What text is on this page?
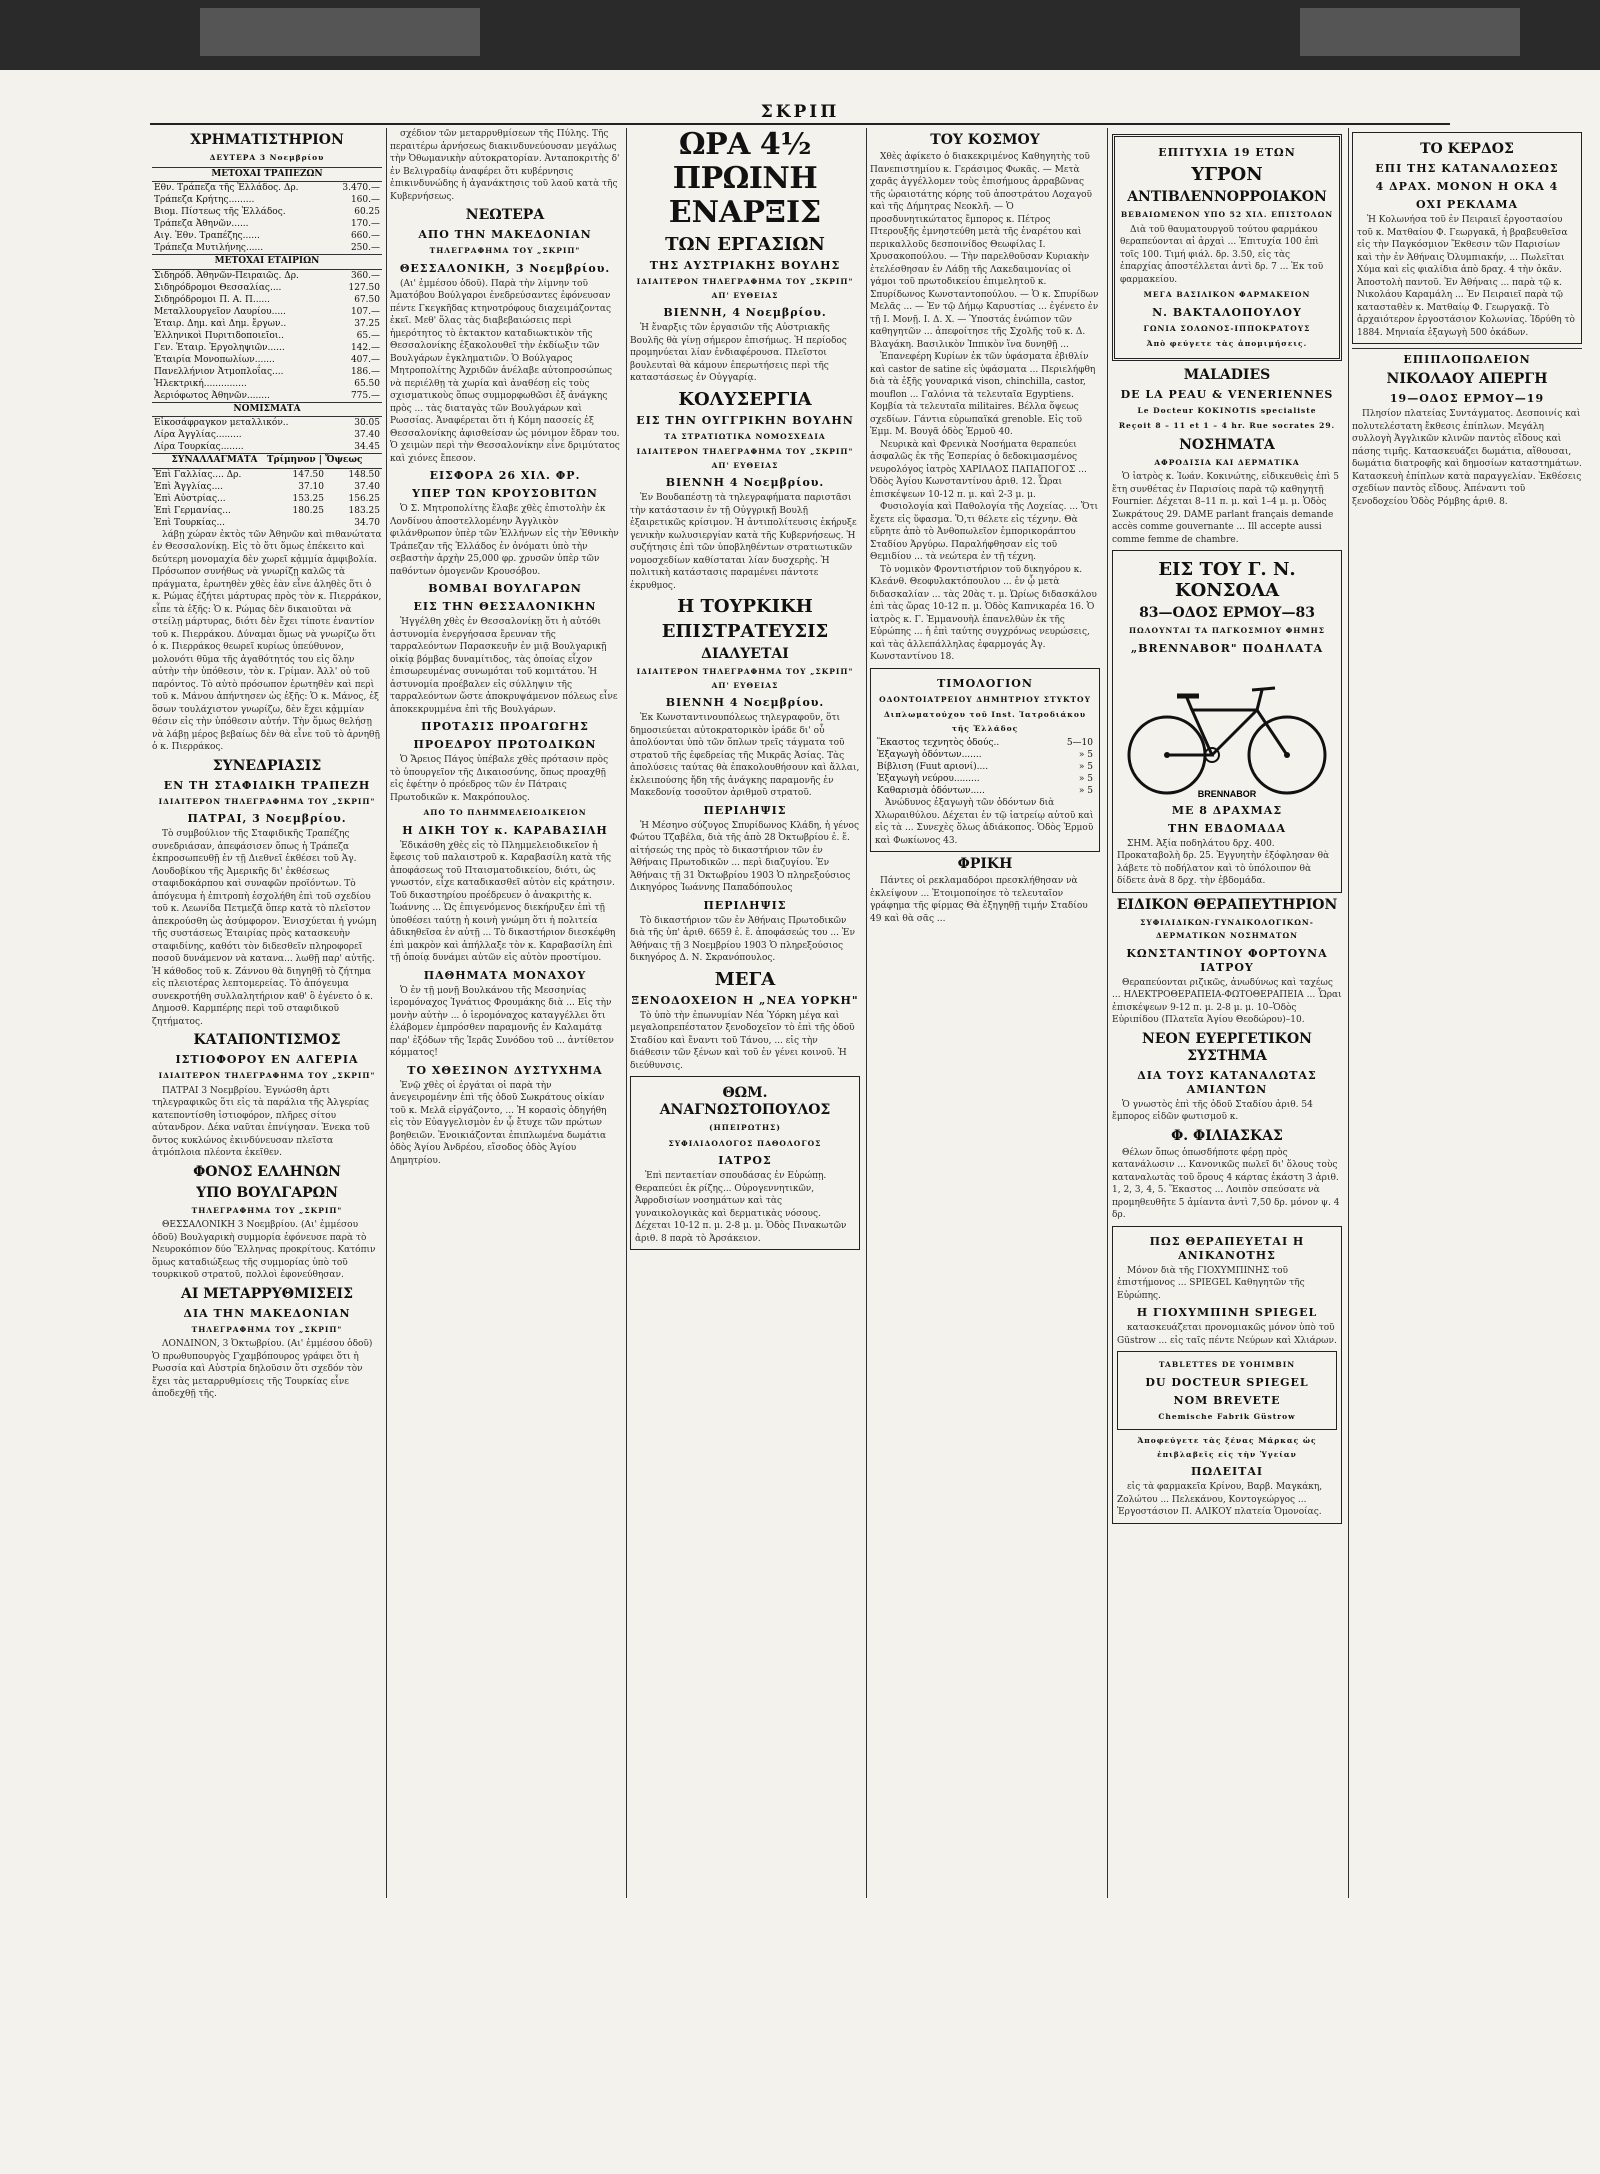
ΣΚΡΙΠ
ΧΡΗΜΑΤΙΣΤΗΡΙΟΝ
ΔΕΥΤΕΡΑ 3 Νοεμβρίου
ΜΕΤΟΧΑΙ ΤΡΑΠΕΖΩΝ
Εθν. Τράπεζα τῆς Ἑλλάδος. Δρ.	3.470.—
Τράπεζα Κρήτης.........	160.—
Βιομ. Πίστεως τῆς Ἑλλάδος.	60.25
Τράπεζα Ἀθηνῶν......	170.—
Αιγ. Ἐθν. Τραπέζης......	660.—
Τράπεζα Μυτιλήνης......	250.—
ΜΕΤΟΧΑΙ ΕΤΑΙΡΙΩΝ
Σιδηρόδ. Ἀθηνῶν-Πειραιῶς. Δρ.	360.—
Σιδηρόδρομοι Θεσσαλίας....	127.50
Σιδηρόδρομοι Π. Α. Π......	67.50
Μεταλλουργεῖον Λαυρίου.....	107.—
Ἑταιρ. Δημ. καὶ Δημ. ἔργων..	37.25
Ἑλληνικοὶ Πυριτιδοποιεῖοι..	65.—
Γεν. Ἑταιρ. Ἐργοληψιῶν......	142.—
Ἑταιρία Μονοπωλίων.......	407.—
Πανελλήνιον Ἀτμοπλοΐας....	186.—
Ἠλεκτρική...............	65.50
Ἀεριόφωτος Ἀθηνῶν........	775.—
ΝΟΜΙΣΜΑΤΑ
Εἰκοσάφραγκον μεταλλικόν..	30.05
Λίρα Ἀγγλίας.........	37.40
Λίρα Τουρκίας........	34.45
ΣΥΝΑΛΛΑΓΜΑΤΑ Τρίμηνον | Ὄψεως
Ἐπὶ Γαλλίας.... Δρ.	147.50	148.50
Ἐπὶ Ἀγγλίας....	37.10	37.40
Ἐπὶ Αὐστρίας...	153.25	156.25
Ἐπὶ Γερμανίας...	180.25	183.25
Ἐπὶ Τουρκίας...		34.70

λάβῃ χώραν ἐκτὸς τῶν Ἀθηνῶν καὶ πιθανώτατα ἐν Θεσσαλονίκῃ. Εἰς τὸ ὅτι ὅμως ἐπέκειτο καὶ δεύτερη μονομαχία δὲν χωρεῖ κᾀμμία ἀμφιβολία. Πρόσωπον συνήθως νὰ γνωρίζῃ καλῶς τὰ πράγματα, ἐρωτηθὲν χθὲς ἐὰν εἶνε ἀληθὲς ὅτι ὁ κ. Ρώμας ἐζήτει μάρτυρας πρὸς τὸν κ. Πιερράκον, εἶπε τὰ ἑξῆς: Ὁ κ. Ρώμας δὲν δικαιοῦται νὰ στείλῃ μάρτυρας, διότι δὲν ἔχει τίποτε ἐναντίον τοῦ κ. Πιερράκου. Δύναμαι ὅμως νὰ γνωρίζω ὅτι ὁ κ. Πιερράκος θεωρεῖ κυρίως ὑπεύθυνον, μολονότι θῦμα τῆς ἀγαθότητός του εἰς ὅλην αὐτὴν τὴν ὑπόθεσιν, τὸν κ. Γρίμαν. Ἀλλ' οὐ τοῦ παρόντος. Τὸ αὐτὸ πρόσωπον ἐρωτηθὲν καὶ περὶ τοῦ κ. Μάνου ἀπήντησεν ὡς ἑξῆς: Ὁ κ. Μάνος, ἐξ ὅσων τουλάχιστον γνωρίζω, δὲν ἔχει κᾀμμίαν θέσιν εἰς τὴν ὑπόθεσιν αὐτήν. Τὴν ὅμως θελήσῃ νὰ λάβῃ μέρος βεβαίως δὲν θὰ εἶνε τοῦ τὸ ἀρνηθῇ ὁ κ. Πιερράκος.

ΣΥΝΕΔΡΙΑΣΙΣ
ΕΝ ΤΗ ΣΤΑΦΙΔΙΚΗ ΤΡΑΠΕΖΗ
ΙΔΙΑΙΤΕΡΟΝ ΤΗΛΕΓΡΑΦΗΜΑ ΤΟΥ „ΣΚΡΙΠ"
ΠΑΤΡΑΙ, 3 Νοεμβρίου.

Τὸ συμβούλιον τῆς Σταφιδικῆς Τραπέζης συνεδριάσαν, ἀπεφάσισεν ὅπως ἡ Τράπεζα ἐκπροσωπευθῇ ἐν τῇ Διεθνεῖ ἐκθέσει τοῦ Ἁγ. Λουδοβίκου τῆς Ἀμερικῆς δι' ἐκθέσεως σταφιδοκάρπου καὶ συναφῶν προϊόντων. Τὸ ἀπόγευμα ἡ ἐπιτροπὴ ἐσχολήθη ἐπὶ τοῦ σχεδίου τοῦ κ. Λεωνίδα Πετμεζᾶ ὅπερ κατὰ τὸ πλεῖστον ἀπεκρούσθη ὡς ἀσύμφορον. Ἐνισχύεται ἡ γνώμη τῆς συστάσεως Ἑταιρίας πρὸς κατασκευὴν σταφιδίνης, καθότι τὸν διδεσθεῖν πληροφορεῖ ποσοῦ δυνάμενον νὰ κατανα... λωθῇ παρ' αὐτῆς. Ἡ κάθοδος τοῦ κ. Ζάννου θὰ διηγηθῇ τὸ ζήτημα εἰς πλειοτέρας λεπτομερείας. Τὸ ἀπόγευμα συνεκροτήθη συλλαλητήριον καθ' ὃ ἐγένετο ὁ κ. Δημοσθ. Καρμπέρης περὶ τοῦ σταφιδικοῦ ζητήματος.

ΚΑΤΑΠΟΝΤΙΣΜΟΣ
ΙΣΤΙΟΦΟΡΟΥ ΕΝ ΑΛΓΕΡΙΑ
ΙΔΙΑΙΤΕΡΟΝ ΤΗΛΕΓΡΑΦΗΜΑ ΤΟΥ „ΣΚΡΙΠ"

ΠΑΤΡΑΙ 3 Νοεμβρίου. Ἐγνώσθη ἀρτι τηλεγραφικῶς ὅτι εἰς τὰ παράλια τῆς Ἀλγερίας κατεποντίσθη ἱστιοφόρον, πλῆρες σίτου αὐτανδρον. Δέκα ναῦται ἐπνίγησαν. Ἐνεκα τοῦ ὄντος κυκλώνος ἐκινδύνευσαν πλεῖστα ἀτμόπλοια πλέοντα ἐκεῖθεν.

ΦΟΝΟΣ ΕΛΛΗΝΩΝ
ΥΠΟ ΒΟΥΛΓΑΡΩΝ
ΤΗΛΕΓΡΑΦΗΜΑ ΤΟΥ „ΣΚΡΙΠ"

ΘΕΣΣΑΛΟΝΙΚΗ 3 Νοεμβρίου. (Αι' ἐμμέσου ὁδοῦ) Βουλγαρικὴ συμμορία ἐφόνευσε παρὰ τὸ Νευροκόπιον δύο Ἕλληνας προκρίτους. Κατόπιν ὅμως καταδιώξεως τῆς συμμορίας ὑπὸ τοῦ τουρκικοῦ στρατοῦ, πολλοὶ ἐφονεύθησαν.

ΑΙ ΜΕΤΑΡΡΥΘΜΙΣΕΙΣ
ΔΙΑ ΤΗΝ ΜΑΚΕΔΟΝΙΑΝ
ΤΗΛΕΓΡΑΦΗΜΑ ΤΟΥ „ΣΚΡΙΠ"

ΛΟΝΔΙΝΟΝ, 3 Ὀκτωβρίου. (Αι' ἐμμέσου ὁδοῦ) Ὁ πρωθυπουργὸς Γχαμβόπουρος γράφει ὅτι ἡ Ρωσσία καὶ Αὐστρία δηλοῦσιν ὅτι σχεδόν τὸν ἔχει τὰς μεταρρυθμίσεις τῆς Τουρκίας εἶνε ἀποδεχθῇ τῆς.

σχέδιον τῶν μεταρρυθμίσεων τῆς Πύλης. Τῆς περαιτέρω ἀρνήσεως διακινδυνεύουσαν μεγάλως τὴν Ὀθωμανικὴν αὐτοκρατορίαν. Ἀνταποκριτὴς δ' ἐν Βελιγραδίῳ ἀναφέρει ὅτι κυβέρνησις ἐπικινδυνώδης ἡ ἀγανάκτησις τοῦ λαοῦ κατὰ τῆς Κυβερνήσεως.

ΝΕΩΤΕΡΑ
ΑΠΟ ΤΗΝ ΜΑΚΕΔΟΝΙΑΝ
ΤΗΛΕΓΡΑΦΗΜΑ ΤΟΥ „ΣΚΡΙΠ"
ΘΕΣΣΑΛΟΝΙΚΗ, 3 Νοεμβρίου.

(Αι' ἐμμέσου ὁδοῦ). Παρὰ τὴν λίμνην τοῦ Ἀματόβου Βούλγαροι ἐνεδρεύσαντες ἐφόνευσαν πέντε Γκεγκῆδας κτηνοτρόφους διαχειμάζοντας ἐκεῖ. Μεθ' ὅλας τὰς διαβεβαιώσεις περὶ ἡμερότητος τὸ ἐκτακτον καταδιωκτικὸν τῆς Θεσσαλονίκης ἐξακολουθεῖ τὴν ἐκδίωξιν τῶν Βουλγάρων ἐγκληματιῶν. Ὁ Βούλγαρος Μητροπολίτης Ἀχριδῶν ἀνέλαβε αὐτοπροσώπως νὰ περιέλθῃ τὰ χωρία καὶ ἀναθέσῃ εἰς τοὺς σχισματικοὺς ὅπως συμμορφωθῶσι ἐξ ἀνάγκης πρὸς ... τὰς διαταγὰς τῶν Βουλγάρων καὶ Ρωσσίας. Ἀναφέρεται ὅτι ἡ Κόμη πασσείς ἐξ Θεσσαλονίκης ἀφισθείσαν ὡς μόνιμον ἔδραν του. Ὁ χειμὼν περὶ τὴν Θεσσαλονίκην εἶνε δριμύτατος καὶ χιόνες ἔπεσον.

ΕΙΣΦΟΡΑ 26 ΧΙΛ. ΦΡ.
ΥΠΕΡ ΤΩΝ ΚΡΟΥΣΟΒΙΤΩΝ

Ὁ Σ. Μητροπολίτης ἔλαβε χθὲς ἐπιστολὴν ἐκ Λονδίνου ἀποστελλομένην Ἀγγλικὸν φιλάνθρωπον ὑπὲρ τῶν Ἑλλήνων εἰς τὴν Ἐθνικὴν Τράπεζαν τῆς Ἑλλάδος ἐν ὀνόματι ὑπὸ τὴν σεβαστὴν ἀρχὴν 25,000 φρ. χρυσῶν ὑπὲρ τῶν παθόντων ὁμογενῶν Κρουσόβου.

ΒΟΜΒΑΙ ΒΟΥΛΓΑΡΩΝ
ΕΙΣ ΤΗΝ ΘΕΣΣΑΛΟΝΙΚΗΝ

Ἠγγέλθη χθὲς ἐν Θεσσαλονίκῃ ὅτι ἡ αὐτόθι ἀστυνομία ἐνεργήσασα ἔρευναν τῆς ταρραλεόντων Παρασκευῆν ἐν μιᾷ Βουλγαρικῇ οἰκίᾳ βόμβας δυναμίτιδος, τὰς ὁποίας εἶχον ἐπισωρευμένας συνωμόται τοῦ κομιτάτου. Ἡ ἀστυνομία προέβαλεν εἰς σύλληψιν τῆς ταρραλεόντων ὥστε ἀποκρυψάμενον πόλεως εἶνε ἀποκεκρυμμένα ἐπὶ τῆς Βουλγάρων.

ΠΡΟΤΑΣΙΣ ΠΡΟΑΓΩΓΗΣ
ΠΡΟΕΔΡΟΥ ΠΡΩΤΟΔΙΚΩΝ

Ὁ Ἄρειος Πάγος ὑπέβαλε χθὲς πρότασιν πρὸς τὸ ὑπουργεῖον τῆς Δικαιοσύνης, ὅπως προαχθῇ εἰς ἐφέτην ὁ πρόεδρος τῶν ἐν Πάτραις Πρωτοδικῶν κ. Μακρόπουλος.

ΑΠΟ ΤΟ ΠΛΗΜΜΕΛΕΙΟΔΙΚΕΙΟΝ
Η ΔΙΚΗ ΤΟΥ κ. ΚΑΡΑΒΑΣΙΛΗ

Ἐδικάσθη χθὲς εἰς τὸ Πλημμελειοδικεῖον ἡ ἔφεσις τοῦ παλαιστροῦ κ. Καραβασίλη κατὰ τῆς ἀποφάσεως τοῦ Πταισματοδικείου, διότι, ὡς γνωστόν, εἶχε καταδικασθεῖ αὐτὸν εἰς κράτησιν. Τοῦ δικαστηρίου προέδρευεν ὁ ἀνακριτὴς κ. Ἰωάννης ... Ὡς ἐπιγενόμενος διεκήρυξεν ἐπὶ τῇ ὑποθέσει ταύτῃ ἡ κοινὴ γνώμη ὅτι ἡ πολιτεία ἀδικηθεῖσα ἐν αὐτῇ ... Τὸ δικαστήριον διεσκέφθη ἐπὶ μακρὸν καὶ ἀπήλλαξε τὸν κ. Καραβασίλη ἐπὶ τῇ ὁποίᾳ δυνάμει αὐτῶν εἰς αὐτὸν προστίμου.

ΠΑΘΗΜΑΤΑ ΜΟΝΑΧΟΥ

Ὁ ἐν τῇ μονῇ Βουλκάνου τῆς Μεσσηνίας ἱερομόναχος Ἰγνάτιος Φρουμάκης διὰ ... Εἰς τὴν μονὴν αὐτὴν ... ὁ ἱερομόναχος καταγγέλλει ὅτι ἐλάβομεν ἐμπρόσθεν παραμονῆς ἐν Καλαμάτᾳ παρ' ἐξόδων τῆς Ἱερᾶς Συνόδου τοῦ ... ἀντίθετον κόμματος!

ΤΟ ΧΘΕΣΙΝΟΝ ΔΥΣΤΥΧΗΜΑ

Ἐνῷ χθὲς οἱ ἐργάται οἱ παρὰ τὴν ἀνεγειρομένην ἐπὶ τῆς ὁδοῦ Σωκράτους οἰκίαν τοῦ κ. Μελᾶ εἰργάζοντο, ... Ἡ κορασὶς ὁδηγήθη εἰς τὸν Εὐαγγελισμὸν ἐν ᾧ ἔτυχε τῶν πρώτων βοηθειῶν. Ἐνοικιάζονται ἐπιπλωμένα δωμάτια ὁδὸς Ἁγίου Ἀνδρέου, εἴσοδος ὁδὸς Ἁγίου Δημητρίου.

ΩΡΑ 4½ ΠΡΩΙΝΗ
ΕΝΑΡΞΙΣ
ΤΩΝ ΕΡΓΑΣΙΩΝ
ΤΗΣ ΑΥΣΤΡΙΑΚΗΣ ΒΟΥΛΗΣ
ΙΔΙΑΙΤΕΡΟΝ ΤΗΛΕΓΡΑΦΗΜΑ ΤΟΥ „ΣΚΡΙΠ" ΑΠ' ΕΥΘΕΙΑΣ
ΒΙΕΝΝΗ, 4 Νοεμβρίου.

Ἡ ἔναρξις τῶν ἐργασιῶν τῆς Αὐστριακῆς Βουλῆς θὰ γίνῃ σήμερον ἐπισήμως. Ἡ περίοδος προμηνύεται λίαν ἐνδιαφέρουσα. Πλεῖστοι βουλευταὶ θὰ κάμουν ἐπερωτήσεις περὶ τῆς καταστάσεως ἐν Οὐγγαρίᾳ.

ΚΟΛΥΣΕΡΓΙΑ
ΕΙΣ ΤΗΝ ΟΥΓΓΡΙΚΗΝ ΒΟΥΛΗΝ
ΤΑ ΣΤΡΑΤΙΩΤΙΚΑ ΝΟΜΟΣΧΕΔΙΑ
ΙΔΙΑΙΤΕΡΟΝ ΤΗΛΕΓΡΑΦΗΜΑ ΤΟΥ „ΣΚΡΙΠ" ΑΠ' ΕΥΘΕΙΑΣ
ΒΙΕΝΝΗ 4 Νοεμβρίου.

Ἐν Βουδαπέστῃ τὰ τηλεγραφήματα παριστᾶσι τὴν κατάστασιν ἐν τῇ Οὐγγρικῇ Βουλῇ ἐξαιρετικῶς κρίσιμον. Ἡ ἀντιπολίτευσις ἐκήρυξε γενικὴν κωλυσιεργίαν κατὰ τῆς Κυβερνήσεως. Ἡ συζήτησις ἐπὶ τῶν ὑποβληθέντων στρατιωτικῶν νομοσχεδίων καθίσταται λίαν δυσχερὴς. Ἡ πολιτικὴ κατάστασις παραμένει πάντοτε ἐκρυθμος.

Η ΤΟΥΡΚΙΚΗ
ΕΠΙΣΤΡΑΤΕΥΣΙΣ
ΔΙΑΛΥΕΤΑΙ
ΙΔΙΑΙΤΕΡΟΝ ΤΗΛΕΓΡΑΦΗΜΑ ΤΟΥ „ΣΚΡΙΠ" ΑΠ' ΕΥΘΕΙΑΣ
ΒΙΕΝΝΗ 4 Νοεμβρίου.

Ἐκ Κωνσταντινουπόλεως τηλεγραφοῦν, ὅτι δημοσιεύεται αὐτοκρατορικὸν ἰράδε δι' οὗ ἀπολύονται ὑπὸ τῶν ὅπλων τρεῖς τάγματα τοῦ στρατοῦ τῆς ἐφεδρείας τῆς Μικρᾶς Ἀσίας. Τὰς ἀπολύσεις ταύτας θὰ ἐπακολουθήσουν καὶ ἄλλαι, ἐκλειπούσης ἤδη τῆς ἀνάγκης παραμονῆς ἐν Μακεδονίᾳ τοσοῦτον ἀριθμοῦ στρατοῦ.

ΠΕΡΙΛΗΨΙΣ

Ἡ Μέσηνο σύζυγος Σπυρίδωνος Κλάδη, ἡ γένος Φώτου Τζαβέλα, διὰ τῆς ἀπὸ 28 Ὀκτωβρίου ἐ. ἔ. αἰτήσεώς της πρὸς τὸ δικαστήριον τῶν ἐν Ἀθήναις Πρωτοδικῶν ... περὶ διαζυγίου. Ἐν Ἀθήναις τῇ 31 Ὀκτωβρίου 1903 Ὁ πληρεξούσιος Δικηγόρος Ἰωάννης Παπαδόπουλος

ΠΕΡΙΛΗΨΙΣ

Τὸ δικαστήριον τῶν ἐν Ἀθήναις Πρωτοδικῶν διὰ τῆς ὑπ' ἀριθ. 6659 ἐ. ἔ. ἀποφάσεώς του ... Ἐν Ἀθήναις τῇ 3 Νοεμβρίου 1903 Ὁ πληρεξούσιος δικηγόρος Δ. Ν. Σκρανόπουλος.

ΜΕΓΑ
ΞΕΝΟΔΟΧΕΙΟΝ Η „ΝΕΑ ΥΟΡΚΗ"

Τὸ ὑπὸ τὴν ἐπωνυμίαν Νέα Ὑόρκη μέγα καὶ μεγαλοπρεπέστατον ξενοδοχεῖον τὸ ἐπὶ τῆς ὁδοῦ Σταδίου καὶ ἔναντι τοῦ Τάνου, ... εἰς τὴν διάθεσιν τῶν ξένων καὶ τοῦ ἐν γένει κοινοῦ. Ἡ διεύθυνσις.

ΘΩΜ. ΑΝΑΓΝΩΣΤΟΠΟΥΛΟΣ
(ΗΠΕΙΡΩΤΗΣ)
ΣΥΦΙΛΙΔΟΛΟΓΟΣ ΠΑΘΟΛΟΓΟΣ
ΙΑΤΡΟΣ

Ἐπὶ πενταετίαν σπουδάσας ἐν Εὐρώπῃ. Θεραπεύει ἐκ ρίζης... Οὐρογεννητικῶν, Ἀφροδισίων νοσημάτων καὶ τὰς γυναικολογικὰς καὶ δερματικὰς νόσους. Δέχεται 10-12 π. μ. 2-8 μ. μ. Ὁδὸς Πινακωτῶν ἀριθ. 8 παρὰ τὸ Ἀρσάκειον.

ΤΟΥ ΚΟΣΜΟΥ

Χθὲς ἀφίκετο ὁ διακεκριμένος Καθηγητὴς τοῦ Πανεπιστημίου κ. Γεράσιμος Φωκᾶς. — Μετὰ χαρᾶς ἀγγέλλομεν τοὺς ἐπισήμους ἀρραβῶνας τῆς ὡραιοτάτης κόρης τοῦ ἀποστράτου Λοχαγοῦ καὶ τῆς Δήμητρας Νεοκλῆ. — Ὁ προσδυνητικώτατος ἔμπορος κ. Πέτρος Πτερουξῆς ἐμνηστεύθη μετὰ τῆς ἐναρέτου καὶ περικαλλοῦς δεσποινίδος Θεωφίλας Ι. Χρυσακοπούλου. — Τὴν παρελθοῦσαν Κυριακὴν ἐτελέσθησαν ἐν Λάδῃ τῆς Λακεδαιμονίας οἱ γάμοι τοῦ πρωτοδικείου ἐπιμελητοῦ κ. Σπυρίδωνος Κωνσταντοπούλου. — Ὁ κ. Σπυρίδων Μελᾶς ... — Ἐν τῷ Δήμῳ Καρυστίας ... ἐγένετο ἐν τῇ Ι. Μονῇ. Ι. Δ. Χ. — Ὑποστάς ἐνώπιον τῶν καθηγητῶν ... ἀπεφοίτησε τῆς Σχολῆς τοῦ κ. Δ. Βλαγάκη. Βασιλικὸν Ἱππικὸν ἵνα δυνηθῇ ...

Ἐπανεφέρη Κυρίων ἐκ τῶν ὑφάσματα ἐβιθλίν καὶ castor de satine εἰς ὑφάσματα ... Περιελήφθη διὰ τὰ ἑξῆς γουναρικά vison, chinchilla, castor, mouflon ... Γαλόνια τὰ τελευταῖα Egyptiens. Κομβία τὰ τελευταῖα militaires. Βέλλα ὅψεως σχεδίων. Γάντια εὐρωπαϊκά grenoble. Εἰς τοῦ Ἐμμ. Μ. Βουγᾶ ὁδὸς Ἑρμοῦ 40.

Νευρικὰ καὶ Φρενικὰ Νοσήματα θεραπεύει ἀσφαλῶς ἐκ τῆς Ἑσπερίας ὁ δεδοκιμασμένος νευρολόγος ἰατρὸς ΧΑΡΙΛΑΟΣ ΠΑΠΑΠΟΓΟΣ ... Ὀδὸς Ἁγίου Κωνσταντίνου ἀριθ. 12. Ὧραι ἐπισκέψεων 10-12 π. μ. καὶ 2-3 μ. μ.

Φυσιολογία καὶ Παθολογία τῆς Λοχείας. ... Ὅτι ἔχετε εἰς ὕφασμα. Ὅ,τι θέλετε εἰς τέχνην. Θὰ εὕρητε ἀπὸ τὸ Ἀνθοπωλεῖον ἐμπορικοράπτου Σταδίου Ἀργύρω. Παραλήφθησαν εἰς τοῦ Θεμιδίου ... τὰ νεώτερα ἐν τῇ τέχνη.

Τὸ νομικὸν Φροντιστήριον τοῦ δικηγόρου κ. Κλεάνθ. Θεοφυλακτόπουλου ... ἐν ᾧ μετὰ διδασκαλίαν ... τὰς 20ὰς τ. μ. Ὡρίως διδασκάλου ἐπὶ τὰς ὥρας 10-12 π. μ. Ὁδὸς Καπνικαρέα 16. Ὁ ἰατρὸς κ. Γ. Ἐμμανουὴλ ἐπανελθὼν ἐκ τῆς Εὐρώπης ... ἡ ἐπὶ ταύτης συγχρόνως νευρώσεις, καὶ τὰς ἀλλεπάλληλας ἐφαρμογάς Ἀγ. Κωνσταντίνου 18.

ΤΙΜΟΛΟΓΙΟΝ
ΟΔΟΝΤΟΙΑΤΡΕΙΟΥ ΔΗΜΗΤΡΙΟΥ ΣΤΥΚΤΟΥ
Διπλωματούχου τοῦ Inst. Ἰατροδιάκου τῆς Ἑλλάδος
Ἕκαστος τεχνητὸς ὀδούς..	5—10
Ἐξαγωγὴ ὀδόντων.......	» 5
Βίβλιση (Fuut αριονί)....	» 5
Ἐξαγωγὴ νεύρου.........	» 5
Καθαρισμὰ ὀδόντων.....	» 5

Ἀνώδυνος ἐξαγωγὴ τῶν ὀδόντων διὰ Χλωραιθύλου. Δέχεται ἐν τῷ ἰατρείῳ αὐτοῦ καὶ εἰς τὰ ... Συνεχὲς ὅλως ἀδιάκοπος. Ὁδὸς Ἑρμοῦ καὶ Φωκίωνος 43.

ΦΡΙΚΗ

Πάντες οἱ ρεκλαμαδόροι πρεσκλήθησαν νὰ ἐκλείψουν ... Ἐτοιμοποίησε τὸ τελευταῖον γράφημα τῆς φίρμας Θὰ ἐξηγηθῇ τιμήν Σταδίου 49 καὶ θὰ σᾶς ...

ΕΠΙΤΥΧΙΑ 19 ΕΤΩΝ
ΥΓΡΟΝ
ΑΝΤΙΒΛΕΝΝΟΡΡΟΙΑΚΟΝ
ΒΕΒΑΙΩΜΕΝΟΝ ΥΠΟ 52 ΧΙΛ. ΕΠΙΣΤΟΛΩΝ

Διὰ τοῦ θαυματουργοῦ τούτου φαρμάκου θεραπεύονται αἱ ἀρχαὶ ... Ἐπιτυχία 100 ἐπὶ τοῖς 100. Τιμή φιάλ. δρ. 3.50, εἰς τὰς ἐπαρχίας ἀποστέλλεται ἀντὶ δρ. 7 ... Ἐκ τοῦ φαρμακείου.

ΜΕΓΑ ΒΑΣΙΛΙΚΟΝ ΦΑΡΜΑΚΕΙΟΝ
Ν. ΒΑΚΤΑΛΟΠΟΥΛΟΥ
ΓΩΝΙΑ ΣΟΛΩΝΟΣ-ΙΠΠΟΚΡΑΤΟΥΣ
Ἀπὸ φεύγετε τὰς ἀπομιμήσεις.
MALADIES
DE LA PEAU & VENERIENNES
Le Docteur KOKINOTIS specialiste
Reçoit 8 – 11 et 1 – 4 hr. Rue socrates 29.
ΝΟΣΗΜΑΤΑ
ΑΦΡΟΔΙΣΙΑ ΚΑΙ ΔΕΡΜΑΤΙΚΑ

Ὁ ἰατρὸς κ. Ἰωάν. Κοκινώτης, εἰδικευθεὶς ἐπὶ 5 ἔτη συνθέτας ἐν Παρισίοις παρὰ τῷ καθηγητῇ Fournier. Δέχεται 8–11 π. μ. καὶ 1–4 μ. μ. Ὁδὸς Σωκράτους 29. DAME parlant français demande accès comme gouvernante ... Ill accepte aussi comme femme de chambre.

ΕΙΣ ΤΟΥ Γ. Ν. ΚΟΝΣΟΛΑ
83—ΟΔΟΣ ΕΡΜΟΥ—83
ΠΩΛΟΥΝΤΑΙ ΤΑ ΠΑΓΚΟΣΜΙΟΥ ΦΗΜΗΣ
„BRENNABOR" ΠΟΔΗΛΑΤΑ
BRENNABOR
ΜΕ 8 ΔΡΑΧΜΑΣ
ΤΗΝ ΕΒΔΟΜΑΔΑ

ΣΗΜ. Ἀξία ποδηλάτου δρχ. 400. Προκαταβολὴ δρ. 25. Ἐγγυητὴν ἐξόφλησαν θὰ λάβετε τὸ ποδήλατον καὶ τὸ ὑπόλοιπον θὰ δίδετε ἀνὰ 8 δρχ. τὴν ἑβδομάδα.

ΕΙΔΙΚΟΝ ΘΕΡΑΠΕΥΤΗΡΙΟΝ
ΣΥΦΙΛΙΔΙΚΩΝ-ΓΥΝΑΙΚΟΛΟΓΙΚΩΝ-ΔΕΡΜΑΤΙΚΩΝ ΝΟΣΗΜΑΤΩΝ
ΚΩΝΣΤΑΝΤΙΝΟΥ ΦΟΡΤΟΥΝΑ ΙΑΤΡΟΥ

Θεραπεύονται ριζικῶς, ἀνωδύνως καὶ ταχέως ... ΗΛΕΚΤΡΟΘΕΡΑΠΕΙΑ-ΦΩΤΟΘΕΡΑΠΕΙΑ ... Ὧραι ἐπισκέψεων 9-12 π. μ. 2-8 μ. μ. 10–Ὁδὸς Εὐριπίδου (Πλατεῖα Ἁγίου Θεοδώρου)–10.

ΝΕΟΝ ΕΥΕΡΓΕΤΙΚΟΝ ΣΥΣΤΗΜΑ
ΔΙΑ ΤΟΥΣ ΚΑΤΑΝΑΛΩΤΑΣ ΑΜΙΑΝΤΩΝ

Ὁ γνωστὸς ἐπὶ τῆς ὁδοῦ Σταδίου ἀριθ. 54 ἔμπορος εἰδῶν φωτισμοῦ κ.

Φ. ΦΙΛΙΑΣΚΑΣ

Θέλων ὅπως ὁπωσδήποτε φέρῃ πρὸς κατανάλωσιν ... Κανονικῶς πωλεῖ δι' ὅλους τοὺς καταναλωτὰς τοῦ ὅρους 4 κάρτας ἐκάστη 3 ἀριθ. 1, 2, 3, 4, 5. Ἕκαστος ... Λοιπὸν σπεύσατε νὰ προμηθευθῆτε 5 ἀμίαντα ἀντὶ 7,50 δρ. μόνον ψ. 4 δρ.

ΠΩΣ ΘΕΡΑΠΕΥΕΤΑΙ Η ΑΝΙΚΑΝΟΤΗΣ

Μόνον διὰ τῆς ΓΙΟΧΥΜΠΙΝΗΣ τοῦ ἐπιστήμονος ... SPIEGEL Καθηγητῶν τῆς Εὐρώπης.

Η ΓΙΟΧΥΜΠΙΝΗ SPIEGEL

κατασκευάζεται προνομιακῶς μόνον ὑπὸ τοῦ Güstrow ... εἰς ταῖς πέντε Νεύρων καὶ Χλιάρων.

TABLETTES DE YOHIMBIN
DU DOCTEUR SPIEGEL
NOM BREVETE
Chemische Fabrik Güstrow
Ἀποφεύγετε τὰς ξένας Μάρκας ὡς ἐπιβλαβεῖς εἰς τὴν Ὑγείαν
ΠΩΛΕΙΤΑΙ

εἰς τὰ φαρμακεῖα Κρίνου, Βαρβ. Μαγκάκη, Ζολώτου ... Πελεκάνου, Κοντογεώργος ... Ἐργοστάσιον Π. ΑΛΙΚΟΥ πλατεία Ὁμονοίας.

ΤΟ ΚΕΡΔΟΣ
ΕΠΙ ΤΗΣ ΚΑΤΑΝΑΛΩΣΕΩΣ
4 ΔΡΑΧ. ΜΟΝΟΝ Η ΟΚΑ 4
ΟΧΙ ΡΕΚΛΑΜΑ

Ἡ Κολωνήσα τοῦ ἐν Πειραιεῖ ἐργοστασίου τοῦ κ. Ματθαίου Φ. Γεωργακᾶ, ἡ βραβευθεῖσα εἰς τὴν Παγκόσμιον Ἔκθεσιν τῶν Παρισίων καὶ τὴν ἐν Ἀθήναις Ὀλυμπιακήν, ... Πωλεῖται Χύμα καὶ εἰς φιαλίδια ἀπὸ δραχ. 4 τὴν ὀκᾶν. Ἀποστολὴ παντοῦ. Ἐν Ἀθήναις ... παρὰ τῷ κ. Νικολάου Καραμάλη ... Ἐν Πειραιεῖ παρὰ τῷ κατασταθὲν κ. Ματθαίῳ Φ. Γεωργακᾷ. Τὸ ἀρχαιότερον ἐργοστάσιον Κολωνίας. Ἱδρύθη τὸ 1884. Μηνιαία ἐξαγωγὴ 500 ὀκάδων.

ΕΠΙΠΛΟΠΩΛΕΙΟΝ
ΝΙΚΟΛΑΟΥ ΑΠΕΡΓΗ
19—ΟΔΟΣ ΕΡΜΟΥ—19

Πλησίον πλατείας Συντάγματος. Δεσποινίς καὶ πολυτελέστατη ἔκθεσις ἐπίπλων. Μεγάλη συλλογὴ Ἀγγλικῶν κλινῶν παντὸς εἴδους καὶ πάσης τιμῆς. Κατασκευάζει δωμάτια, αἴθουσαι, δωμάτια διατροφῆς καὶ δημοσίων καταστημάτων. Κατασκευὴ ἐπίπλων κατὰ παραγγελίαν. Ἐκθέσεις σχεδίων παντὸς εἴδους. Ἀπέναντι τοῦ ξενοδοχείου Ὁδὸς Ρόμβης ἀριθ. 8.
